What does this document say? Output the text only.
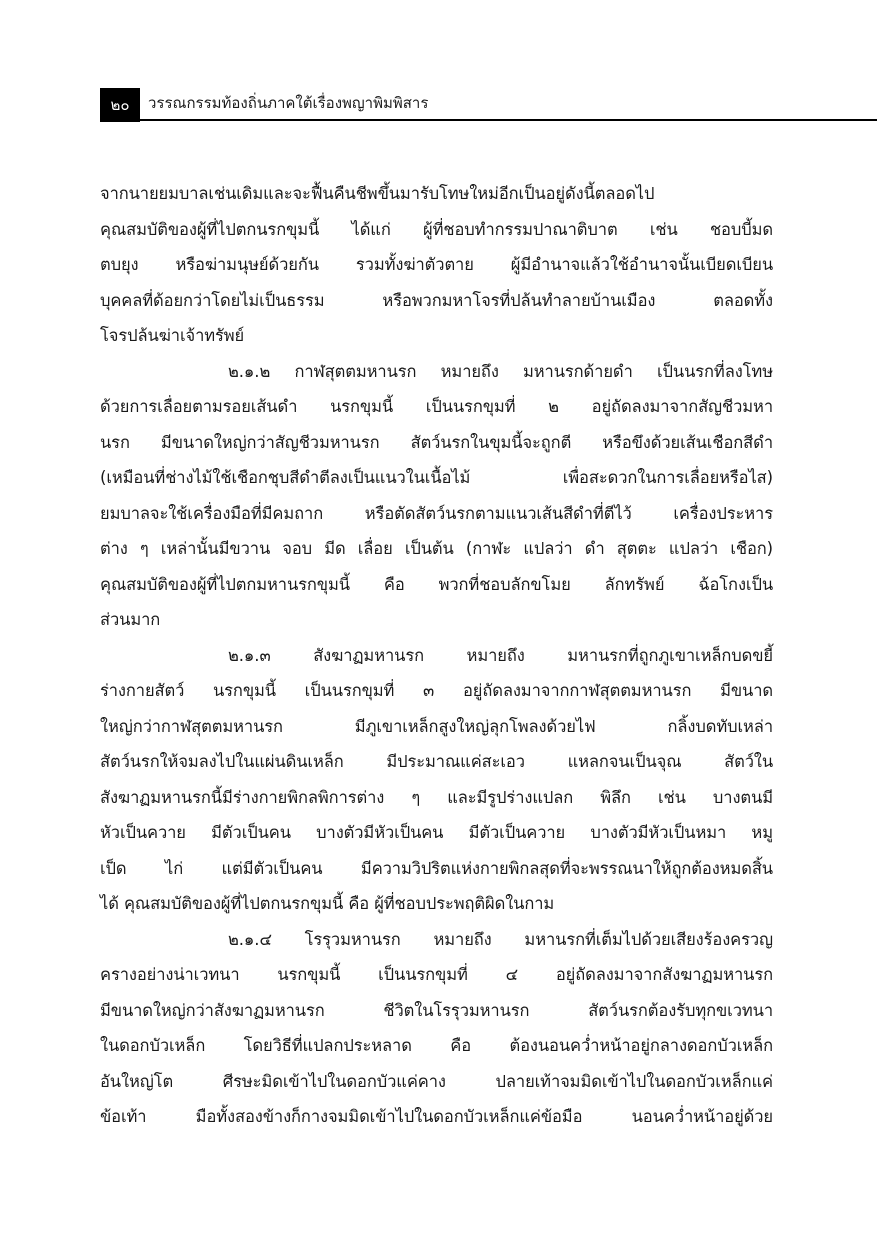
๒๐	วรรณกรรมท้องถิ่นภาคใต้เรื่องพญาพิมพิสาร
จากนายยมบาลเช่นเดิมและจะฟื้นคืนชีพขึ้นมารับโทษใหม่อีกเป็นอยู่ดังนี้ตลอดไป
คุณสมบัติของผู้ที่ไปตกนรกขุมนี้ ได้แก่ ผู้ที่ชอบทำกรรมปาณาติบาต เช่น ชอบบี้มด
ตบยุง หรือฆ่ามนุษย์ด้วยกัน รวมทั้งฆ่าตัวตาย ผู้มีอำนาจแล้วใช้อำนาจนั้นเบียดเบียน
บุคคลที่ด้อยกว่าโดยไม่เป็นธรรม หรือพวกมหาโจรที่ปล้นทำลายบ้านเมือง ตลอดทั้ง
โจรปล้นฆ่าเจ้าทรัพย์
๒.๑.๒ กาฬสุตตมหานรก หมายถึง มหานรกด้ายดำ เป็นนรกที่ลงโทษ
ด้วยการเลื่อยตามรอยเส้นดำ นรกขุมนี้ เป็นนรกขุมที่ ๒ อยู่ถัดลงมาจากสัญชีวมหา
นรก มีขนาดใหญ่กว่าสัญชีวมหานรก สัตว์นรกในขุมนี้จะถูกตี หรือขึงด้วยเส้นเชือกสีดำ
(เหมือนที่ช่างไม้ใช้เชือกชุบสีดำตีลงเป็นแนวในเนื้อไม้ เพื่อสะดวกในการเลื่อยหรือไส)
ยมบาลจะใช้เครื่องมือที่มีคมถาก หรือตัดสัตว์นรกตามแนวเส้นสีดำที่ตีไว้ เครื่องประหาร
ต่าง ๆ เหล่านั้นมีขวาน จอบ มีด เลื่อย เป็นต้น (กาฬะ แปลว่า ดำ สุตตะ แปลว่า เชือก)
คุณสมบัติของผู้ที่ไปตกมหานรกขุมนี้ คือ พวกที่ชอบลักขโมย ลักทรัพย์ ฉ้อโกงเป็น
ส่วนมาก
๒.๑.๓ สังฆาฏมหานรก หมายถึง มหานรกที่ถูกภูเขาเหล็กบดขยี้
ร่างกายสัตว์ นรกขุมนี้ เป็นนรกขุมที่ ๓ อยู่ถัดลงมาจากกาฬสุตตมหานรก มีขนาด
ใหญ่กว่ากาฬสุตตมหานรก มีภูเขาเหล็กสูงใหญ่ลุกโพลงด้วยไฟ กลิ้งบดทับเหล่า
สัตว์นรกให้จมลงไปในแผ่นดินเหล็ก มีประมาณแค่สะเอว แหลกจนเป็นจุณ สัตว์ใน
สังฆาฏมหานรกนี้มีร่างกายพิกลพิการต่าง ๆ และมีรูปร่างแปลก พิลึก เช่น บางตนมี
หัวเป็นควาย มีตัวเป็นคน บางตัวมีหัวเป็นคน มีตัวเป็นควาย บางตัวมีหัวเป็นหมา หมู
เป็ด ไก่ แต่มีตัวเป็นคน มีความวิปริตแห่งกายพิกลสุดที่จะพรรณนาให้ถูกต้องหมดสิ้น
ได้ คุณสมบัติของผู้ที่ไปตกนรกขุมนี้ คือ ผู้ที่ชอบประพฤติผิดในกาม
๒.๑.๔ โรรุวมหานรก หมายถึง มหานรกที่เต็มไปด้วยเสียงร้องครวญ
ครางอย่างน่าเวทนา นรกขุมนี้ เป็นนรกขุมที่ ๔ อยู่ถัดลงมาจากสังฆาฏมหานรก
มีขนาดใหญ่กว่าสังฆาฏมหานรก ชีวิตในโรรุวมหานรก สัตว์นรกต้องรับทุกขเวทนา
ในดอกบัวเหล็ก โดยวิธีที่แปลกประหลาด คือ ต้องนอนคว่ำหน้าอยู่กลางดอกบัวเหล็ก
อันใหญ่โต ศีรษะมิดเข้าไปในดอกบัวแค่คาง ปลายเท้าจมมิดเข้าไปในดอกบัวเหล็กแค่
ข้อเท้า มือทั้งสองข้างก็กางจมมิดเข้าไปในดอกบัวเหล็กแค่ข้อมือ นอนคว่ำหน้าอยู่ด้วย
